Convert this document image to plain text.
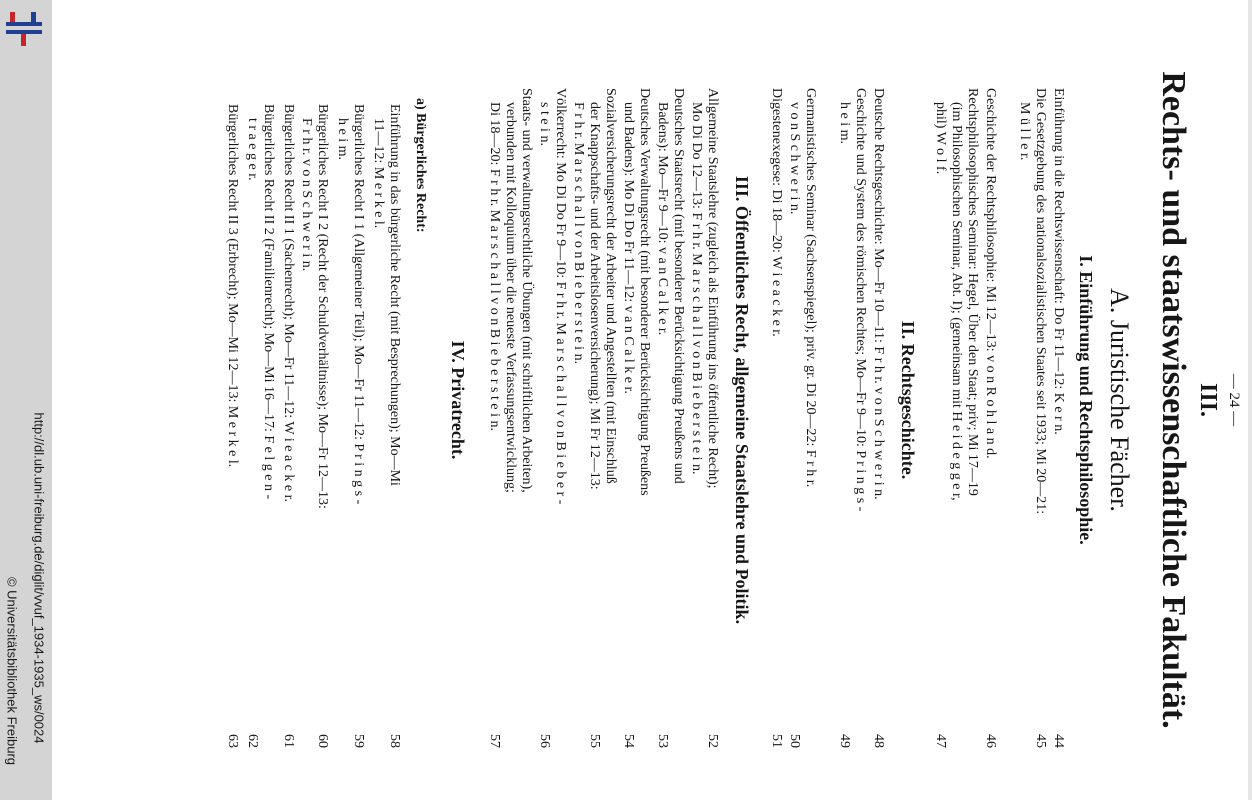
http://dl.ub.uni-freiburg.de/diglit/vvuf_1934-1935_ws/0024
© Universitätsbibliothek Freiburg
— 24 —
III.
Rechts- und staatswissenschaftliche Fakultät.
A. Juristische Fächer.
I. Einführung und Rechtsphilosophie.
Einführung in die Rechtswissenschaft: Do Fr 11—12: K e r n.
44
Die Gesetzgebung des nationalsozialistischen Staates seit 1933; Mi 20—21:
M ü l l e r.
45
Geschichte der Rechtsphilosophie: Mi 12—13: v o n R o h l a n d.
46
Rechtsphilosophisches Seminar: Hegel, Über den Staat; priv; Mi 17—19
(im Philosophischen Seminar, Abt. I); (gemeinsam mit H e i d e g g e r,
phil) W o l f.
47
II. Rechtsgeschichte.
Deutsche Rechtsgeschichte: Mo—Fr 10—11: F r h r. v o n S c h w e r i n.
48
Geschichte und System des römischen Rechtes; Mo—Fr 9—10: P r i n g s -
h e i m.
49
Germanistisches Seminar (Sachsenspiegel); priv. gr. Di 20—22: F r h r.
v o n S c h w e r i n.
50
Digestenexegese: Di 18—20: W i e a c k e r.
51
III. Öffentliches Recht, allgemeine Staatslehre und Politik.
Allgemeine Staatslehre (zugleich als Einführung ins öffentliche Recht);
Mo Di Do 12—13: F r h r. M a r s c h a l l v o n B i e b e r s t e i n.
52
Deutsches Staatsrecht (mit besonderer Berücksichtigung Preußens und
Badens): Mo—Fr 9—10: v a n C a l k e r.
53
Deutsches Verwaltungsrecht (mit besonderer Berücksichtigung Preußens
und Badens): Mo Di Do Fr 11—12: v a n C a l k e r.
54
Sozialversicherungsrecht der Arbeiter und Angestellten (mit Einschluß
der Knappschafts- und der Arbeitslosenversicherung); Mi Fr 12—13:
F r h r. M a r s c h a l l v o n B i e b e r s t e i n.
55
Völkerrecht: Mo Di Do Fr 9—10: F r h r. M a r s c h a l l v o n B i e b e r -
s t e i n.
56
Staats- und verwaltungsrechtliche Übungen (mit schriftlichen Arbeiten),
verbunden mit Kolloquium über die neueste Verfassungsentwicklung;
Di 18—20: F r h r. M a r s c h a l l v o n B i e b e r s t e i n.
57
IV. Privatrecht.
a) Bürgerliches Recht:
Einführung in das bürgerliche Recht (mit Besprechungen); Mo—Mi
11—12: M e r k e l.
58
Bürgerliches Recht I 1 (Allgemeiner Teil); Mo—Fr 11—12: P r i n g s -
h e i m.
59
Bürgerliches Recht I 2 (Recht der Schuldverhältnisse); Mo—Fr 12—13:
F r h r. v o n S c h w e r i n.
60
Bürgerliches Recht II 1 (Sachenrecht); Mo—Fr 11—12: W i e a c k e r.
61
Bürgerliches Recht II 2 (Familienrecht); Mo—Mi 16—17: F e l g e n -
t r a e g e r.
62
Bürgerliches Recht II 3 (Erbrecht); Mo—Mi 12—13: M e r k e l.
63
